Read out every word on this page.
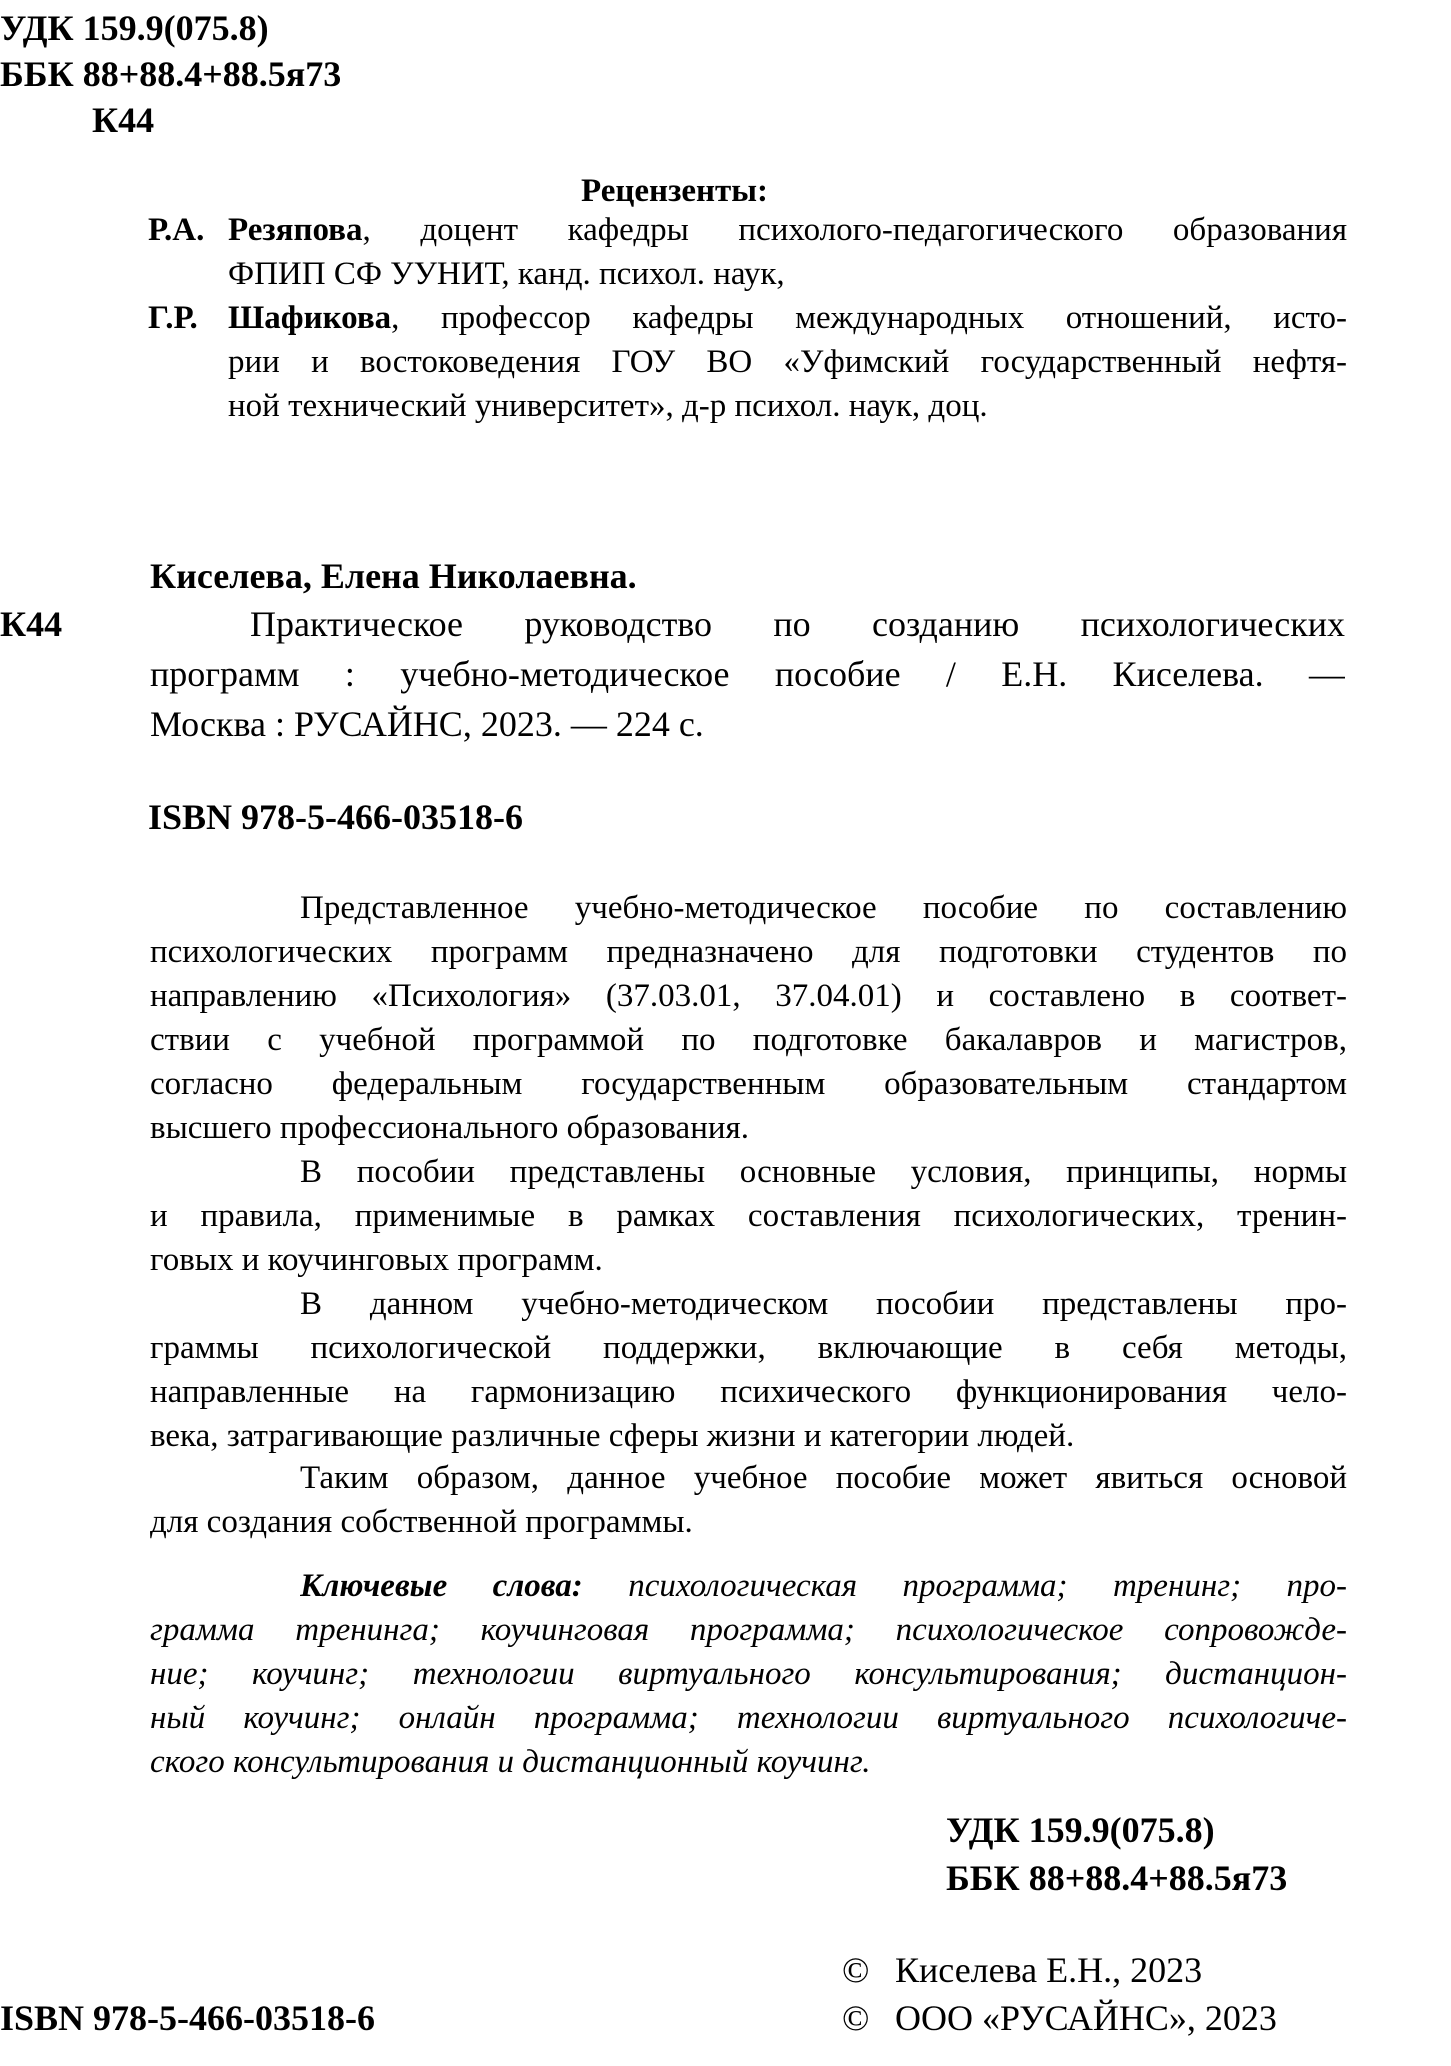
УДК 159.9(075.8)
ББК 88+88.4+88.5я73
К44
Рецензенты:
Р.А. Резяпова, доцент кафедры психолого-педагогического образования
ФПИП СФ УУНИТ, канд. психол. наук,
Г.Р. Шафикова, профессор кафедры международных отношений, исто-
рии и востоковедения ГОУ ВО «Уфимский государственный нефтя-
ной технический университет», д-р психол. наук, доц.
Киселева, Елена Николаевна.
К44	Практическое руководство по созданию психологических
программ : учебно-методическое пособие / Е.Н. Киселева. —
Москва : РУСАЙНС, 2023. — 224 с.
ISBN 978-5-466-03518-6
Представленное учебно-методическое пособие по составлению
психологических программ предназначено для подготовки студентов по
направлению «Психология» (37.03.01, 37.04.01) и составлено в соответ-
ствии с учебной программой по подготовке бакалавров и магистров,
согласно федеральным государственным образовательным стандартом
высшего профессионального образования.
В пособии представлены основные условия, принципы, нормы
и правила, применимые в рамках составления психологических, тренин-
говых и коучинговых программ.
В данном учебно-методическом пособии представлены про-
граммы психологической поддержки, включающие в себя методы,
направленные на гармонизацию психического функционирования чело-
века, затрагивающие различные сферы жизни и категории людей.
Таким образом, данное учебное пособие может явиться основой
для создания собственной программы.
Ключевые слова: психологическая программа; тренинг; про-
грамма тренинга; коучинговая программа; психологическое сопровожде-
ние; коучинг; технологии виртуального консультирования; дистанцион-
ный коучинг; онлайн программа; технологии виртуального психологиче-
ского консультирования и дистанционный коучинг.
УДК 159.9(075.8)
ББК 88+88.4+88.5я73
© Киселева Е.Н., 2023
© ООО «РУСАЙНС», 2023
ISBN 978-5-466-03518-6
